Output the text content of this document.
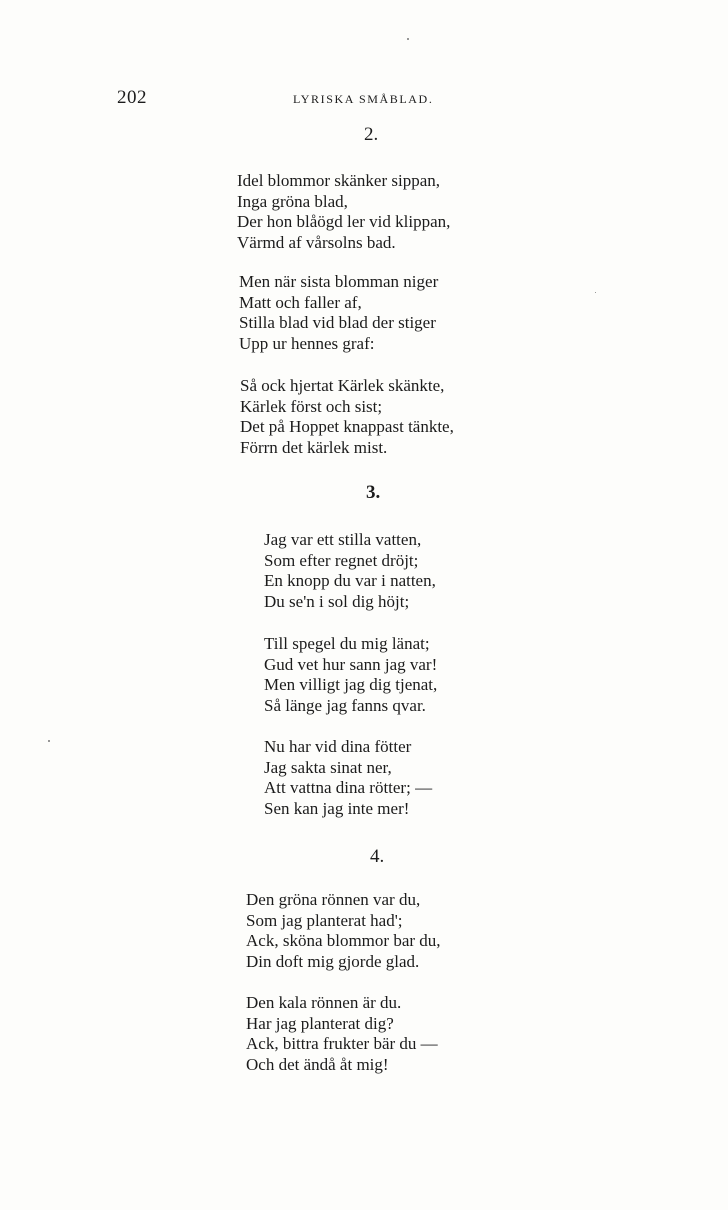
202	LYRISKA SMÅBLAD.
2.

Idel blommor skänker sippan,
Inga gröna blad,
Der hon blåögd ler vid klippan,
Värmd af vårsolns bad.

Men när sista blomman niger
Matt och faller af,
Stilla blad vid blad der stiger
Upp ur hennes graf:

Så ock hjertat Kärlek skänkte,
Kärlek först och sist;
Det på Hoppet knappast tänkte,
Förrn det kärlek mist.

3.

Jag var ett stilla vatten,
Som efter regnet dröjt;
En knopp du var i natten,
Du se'n i sol dig höjt;

Till spegel du mig länat;
Gud vet hur sann jag var!
Men villigt jag dig tjenat,
Så länge jag fanns qvar.

Nu har vid dina fötter
Jag sakta sinat ner,
Att vattna dina rötter; —
Sen kan jag inte mer!

4.

Den gröna rönnen var du,
Som jag planterat had';
Ack, sköna blommor bar du,
Din doft mig gjorde glad.

Den kala rönnen är du.
Har jag planterat dig?
Ack, bittra frukter bär du —
Och det ändå åt mig!
